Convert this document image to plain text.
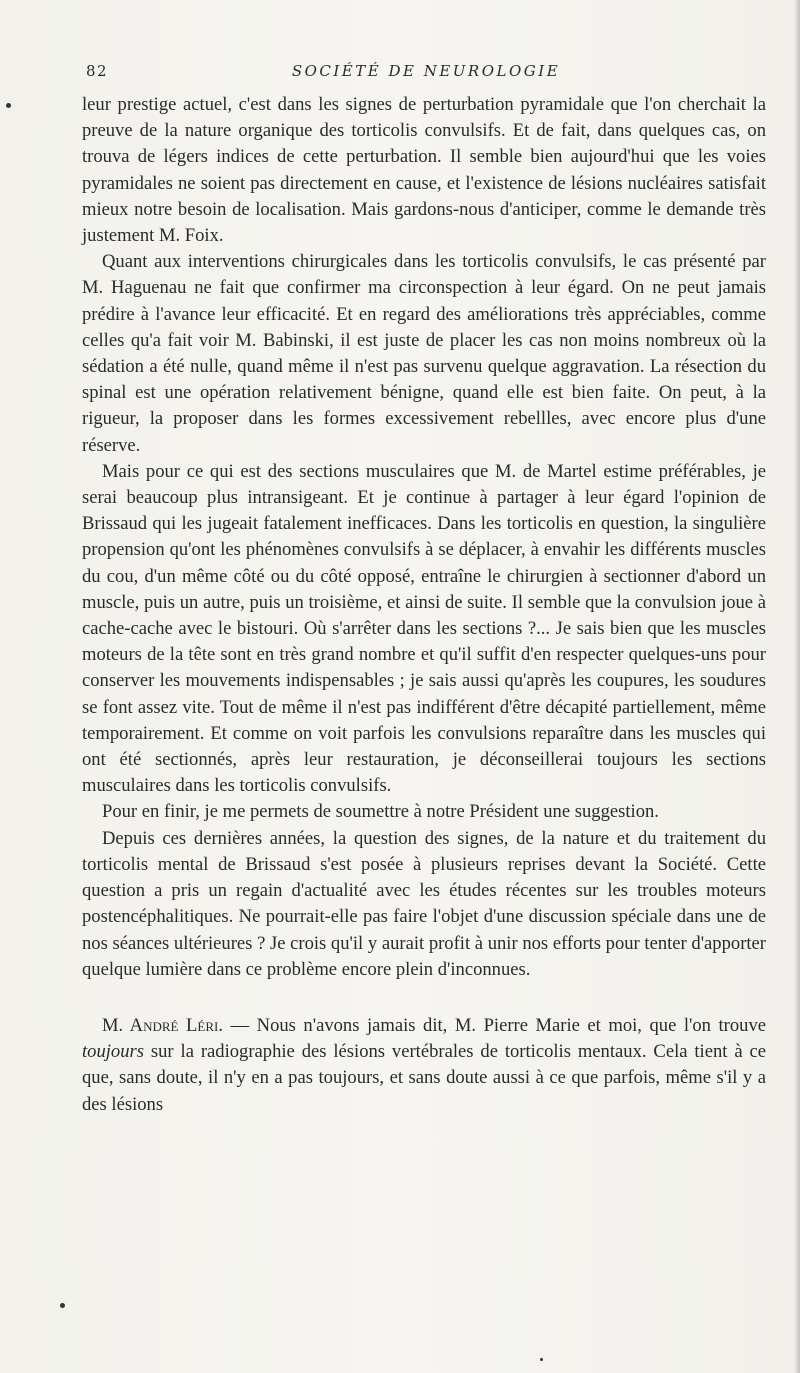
82	SOCIÉTÉ DE NEUROLOGIE

leur prestige actuel, c'est dans les signes de perturbation pyramidale que l'on cherchait la preuve de la nature organique des torticolis convulsifs. Et de fait, dans quelques cas, on trouva de légers indices de cette perturbation. Il semble bien aujourd'hui que les voies pyramidales ne soient pas directement en cause, et l'existence de lésions nucléaires satisfait mieux notre besoin de localisation. Mais gardons-nous d'anticiper, comme le demande très justement M. Foix.

Quant aux interventions chirurgicales dans les torticolis convulsifs, le cas présenté par M. Haguenau ne fait que confirmer ma circonspection à leur égard. On ne peut jamais prédire à l'avance leur efficacité. Et en regard des améliorations très appréciables, comme celles qu'a fait voir M. Babinski, il est juste de placer les cas non moins nombreux où la sédation a été nulle, quand même il n'est pas survenu quelque aggravation. La résection du spinal est une opération relativement bénigne, quand elle est bien faite. On peut, à la rigueur, la proposer dans les formes excessivement rebellles, avec encore plus d'une réserve.

Mais pour ce qui est des sections musculaires que M. de Martel estime préférables, je serai beaucoup plus intransigeant. Et je continue à partager à leur égard l'opinion de Brissaud qui les jugeait fatalement inefficaces. Dans les torticolis en question, la singulière propension qu'ont les phénomènes convulsifs à se déplacer, à envahir les différents muscles du cou, d'un même côté ou du côté opposé, entraîne le chirurgien à sectionner d'abord un muscle, puis un autre, puis un troisième, et ainsi de suite. Il semble que la convulsion joue à cache-cache avec le bistouri. Où s'arrêter dans les sections ?... Je sais bien que les muscles moteurs de la tête sont en très grand nombre et qu'il suffit d'en respecter quelques-uns pour conserver les mouvements indispensables ; je sais aussi qu'après les coupures, les soudures se font assez vite. Tout de même il n'est pas indifférent d'être décapité partiellement, même temporairement. Et comme on voit parfois les convulsions reparaître dans les muscles qui ont été sectionnés, après leur restauration, je déconseillerai toujours les sections musculaires dans les torticolis convulsifs.

Pour en finir, je me permets de soumettre à notre Président une suggestion.

Depuis ces dernières années, la question des signes, de la nature et du traitement du torticolis mental de Brissaud s'est posée à plusieurs reprises devant la Société. Cette question a pris un regain d'actualité avec les études récentes sur les troubles moteurs postencéphalitiques. Ne pourrait-elle pas faire l'objet d'une discussion spéciale dans une de nos séances ultérieures ? Je crois qu'il y aurait profit à unir nos efforts pour tenter d'apporter quelque lumière dans ce problème encore plein d'inconnues.

M. André Léri. — Nous n'avons jamais dit, M. Pierre Marie et moi, que l'on trouve toujours sur la radiographie des lésions vertébrales de torticolis mentaux. Cela tient à ce que, sans doute, il n'y en a pas toujours, et sans doute aussi à ce que parfois, même s'il y a des lésions
